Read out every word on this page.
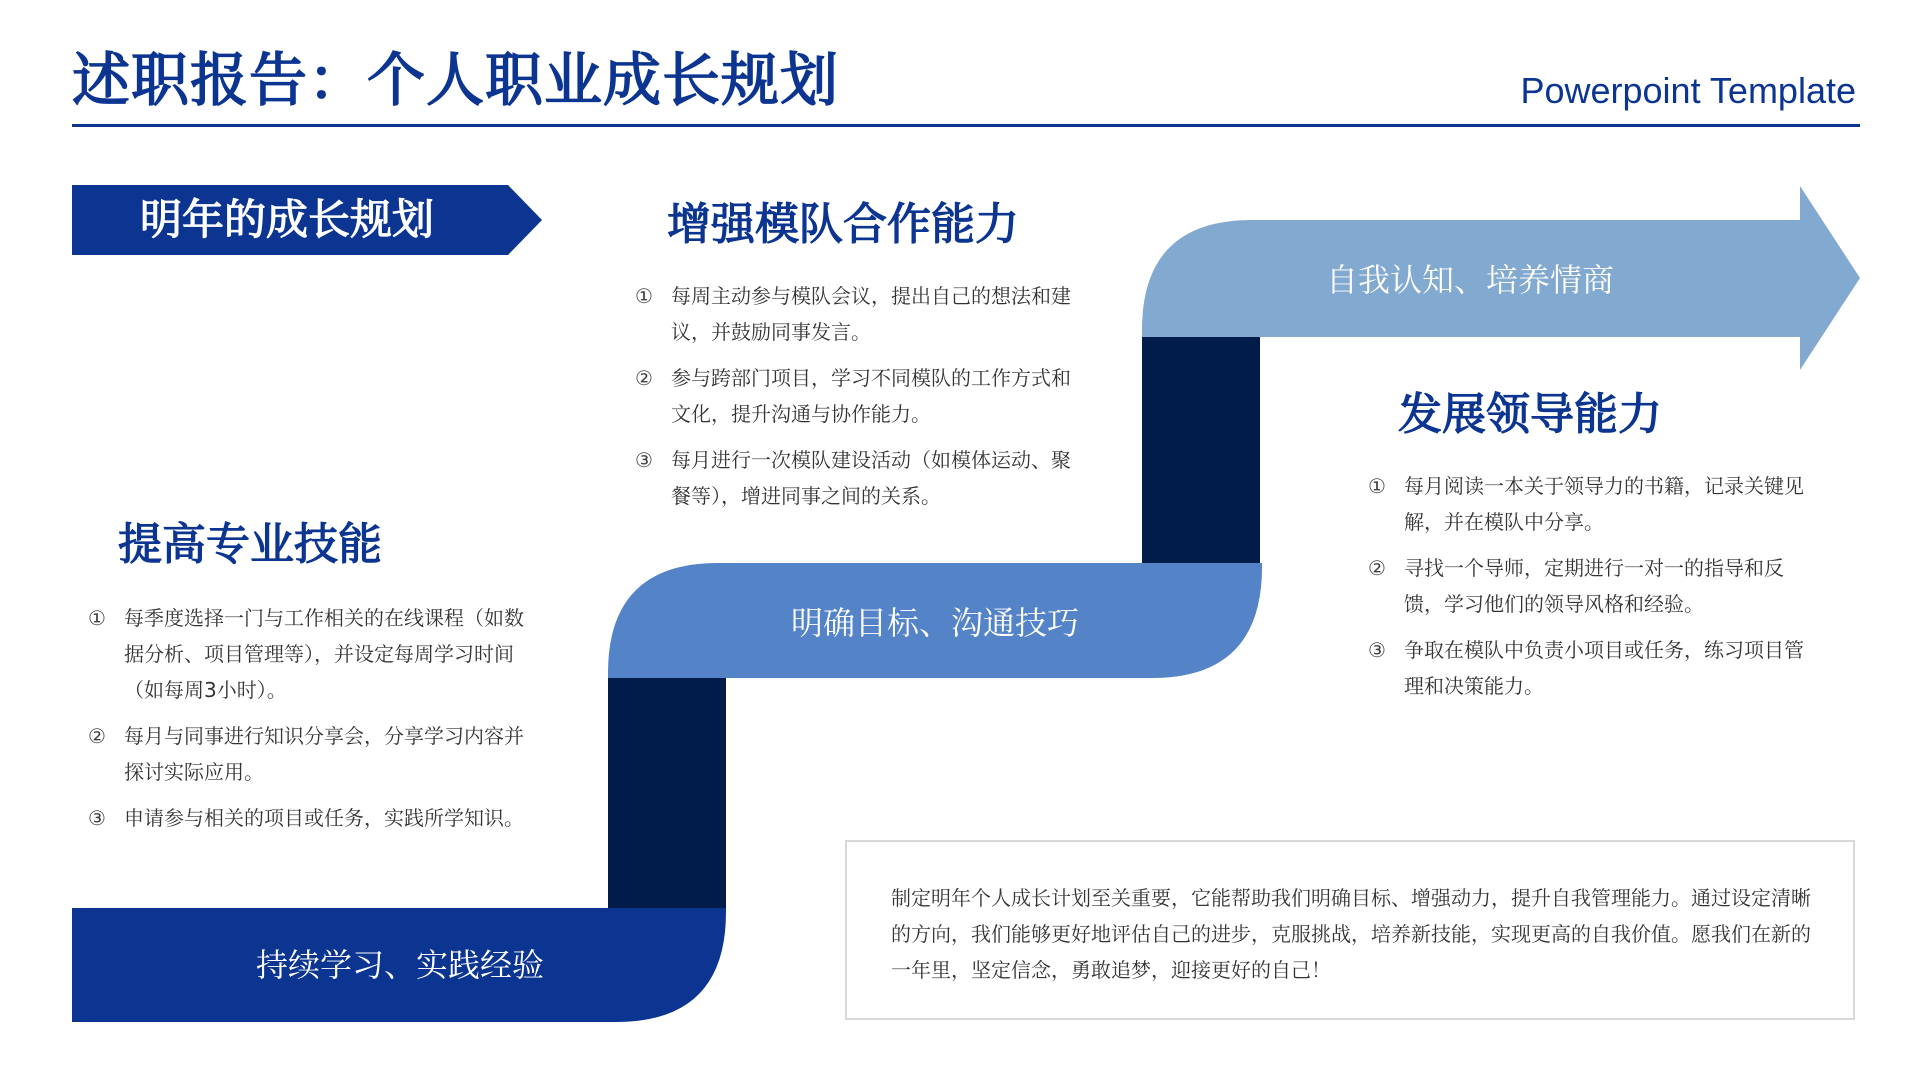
述职报告：个人职业成长规划	Powerpoint Template
明年的成长规划
持续学习、实践经验
明确目标、沟通技巧
自我认知、培养情商
提高专业技能
① 每季度选择一门与工作相关的在线课程（如数据分析、项目管理等），并设定每周学习时间（如每周3小时）。
② 每月与同事进行知识分享会，分享学习内容并探讨实际应用。
③ 申请参与相关的项目或任务，实践所学知识。
增强模队合作能力
① 每周主动参与模队会议，提出自己的想法和建议，并鼓励同事发言。
② 参与跨部门项目，学习不同模队的工作方式和文化，提升沟通与协作能力。
③ 每月进行一次模队建设活动（如模体运动、聚餐等），增进同事之间的关系。
发展领导能力
① 每月阅读一本关于领导力的书籍，记录关键见解，并在模队中分享。
② 寻找一个导师，定期进行一对一的指导和反馈，学习他们的领导风格和经验。
③ 争取在模队中负责小项目或任务，练习项目管理和决策能力。
制定明年个人成长计划至关重要，它能帮助我们明确目标、增强动力，提升自我管理能力。通过设定清晰的方向，我们能够更好地评估自己的进步，克服挑战，培养新技能，实现更高的自我价值。愿我们在新的一年里，坚定信念，勇敢追梦，迎接更好的自己！
